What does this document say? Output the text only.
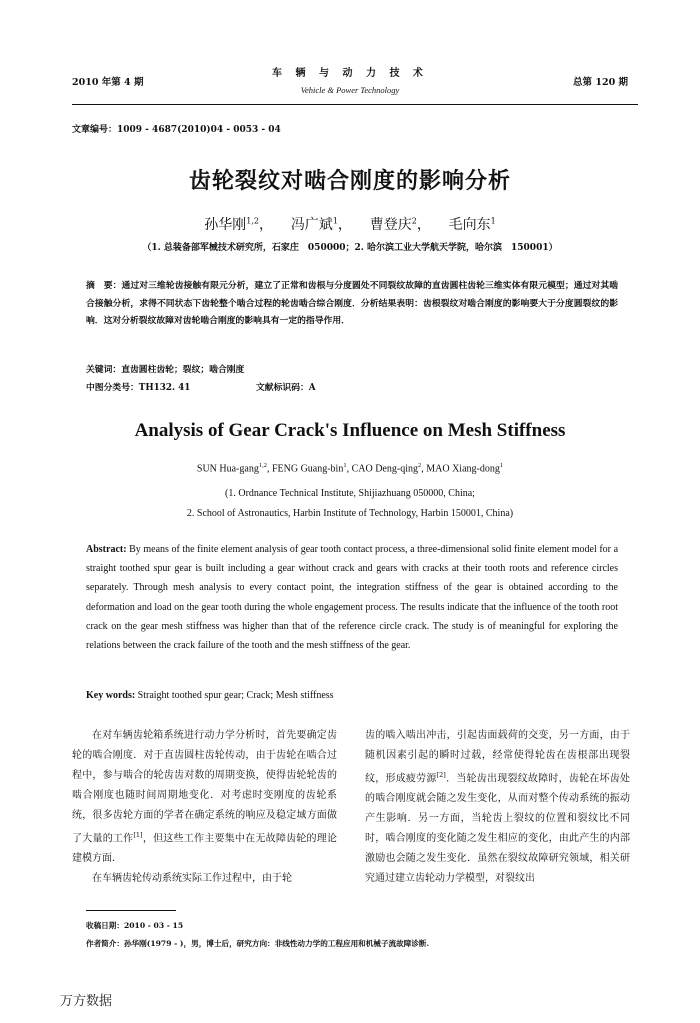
2010 年第 4 期
车 辆 与 动 力 技 术
Vehicle & Power Technology
总第 120 期
文章编号：1009 - 4687(2010)04 - 0053 - 04
齿轮裂纹对啮合刚度的影响分析
孙华刚$^{1,2}$， 冯广斌$^1$， 曹登庆$^2$， 毛向东$^1$
（1. 总装备部军械技术研究所，石家庄　050000；2. 哈尔滨工业大学航天学院，哈尔滨　150001）
摘　要：通过对三维轮齿接触有限元分析，建立了正常和齿根与分度圆处不同裂纹故障的直齿圆柱齿轮三维实体有限元模型；通过对其啮合接触分析，求得不同状态下齿轮整个啮合过程的轮齿啮合综合刚度．分析结果表明：齿根裂纹对啮合刚度的影响要大于分度圆裂纹的影响．这对分析裂纹故障对齿轮啮合刚度的影响具有一定的指导作用．
关键词：直齿圆柱齿轮；裂纹；啮合刚度
中图分类号：TH132. 41	文献标识码：A
Analysis of Gear Crack's Influence on Mesh Stiffness
SUN Hua-gang$^{1,2}$, FENG Guang-bin$^1$, CAO Deng-qing$^2$, MAO Xiang-dong$^1$
(1. Ordnance Technical Institute, Shijiazhuang 050000, China;
2. School of Astronautics, Harbin Institute of Technology, Harbin 150001, China)
Abstract: By means of the finite element analysis of gear tooth contact process, a three-dimensional solid finite element model for a straight toothed spur gear is built including a gear without crack and gears with cracks at their tooth roots and reference circles separately. Through mesh analysis to every contact point, the integration stiffness of the gear is obtained according to the deformation and load on the gear tooth during the whole engagement process. The results indicate that the influence of the tooth root crack on the gear mesh stiffness was higher than that of the reference circle crack. The study is of meaningful for exploring the relations between the crack failure of the tooth and the mesh stiffness of the gear.
Key words: Straight toothed spur gear; Crack; Mesh stiffness

在对车辆齿轮箱系统进行动力学分析时，首先要确定齿轮的啮合刚度．对于直齿圆柱齿轮传动，由于齿轮在啮合过程中，参与啮合的轮齿齿对数的周期变换，使得齿轮轮齿的啮合刚度也随时间周期地变化．对考虑时变刚度的齿轮系统，很多齿轮方面的学者在确定系统的响应及稳定域方面做了大量的工作[1]，但这些工作主要集中在无故障齿轮的理论建模方面．

在车辆齿轮传动系统实际工作过程中，由于轮

齿的啮入啮出冲击，引起齿面载荷的交变，另一方面，由于随机因素引起的瞬时过载，经常使得轮齿在齿根部出现裂纹，形成疲劳源[2]．当轮齿出现裂纹故障时，齿轮在坏齿处的啮合刚度就会随之发生变化，从而对整个传动系统的振动产生影响．另一方面，当轮齿上裂纹的位置和裂纹比不同时，啮合刚度的变化随之发生相应的变化，由此产生的内部激励也会随之发生变化．虽然在裂纹故障研究领域，相关研究通过建立齿轮动力学模型，对裂纹出

收稿日期：2010 - 03 - 15
作者简介：孙华刚(1979 - )，男，博士后，研究方向：非线性动力学的工程应用和机械子流故障诊断.
万方数据
